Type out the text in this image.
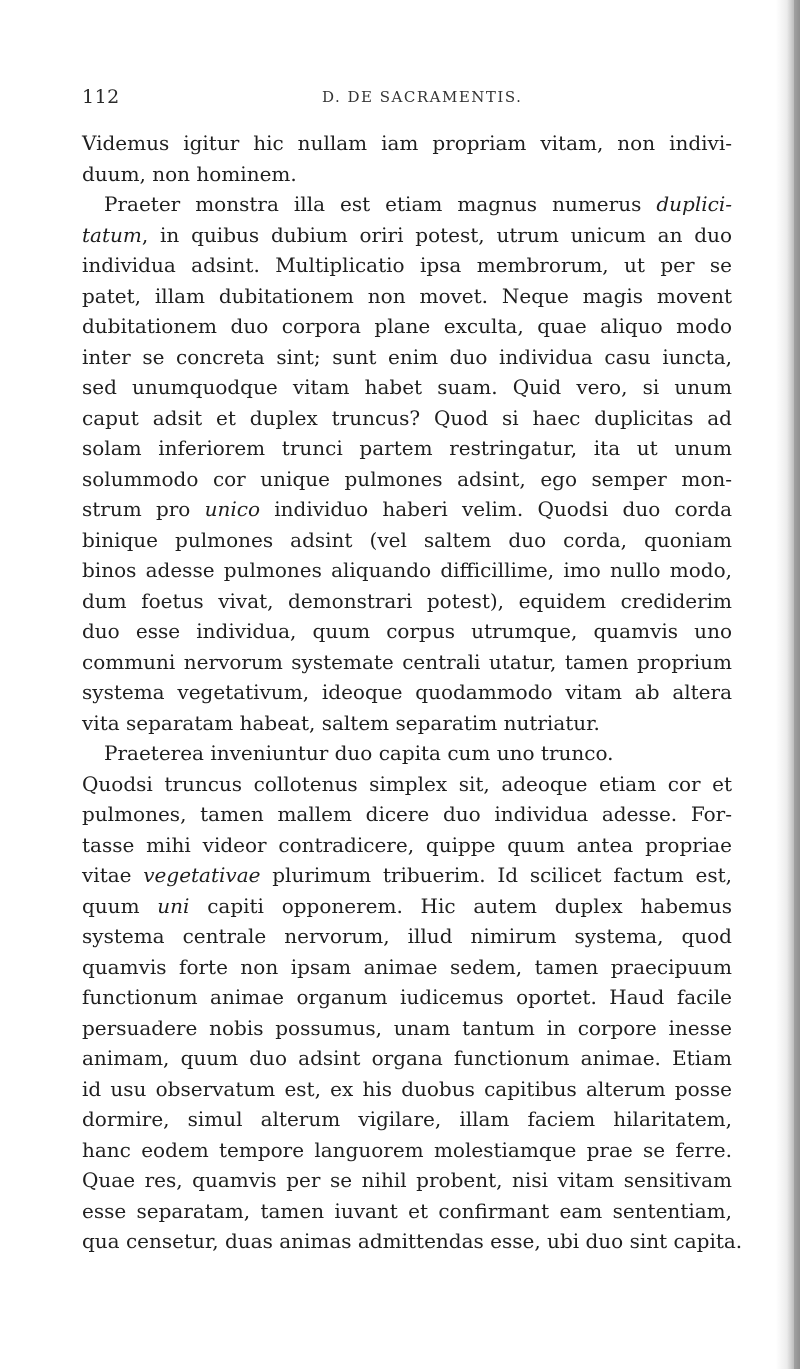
112	D. DE SACRAMENTIS.
Videmus igitur hic nullam iam propriam vitam, non indivi-
duum, non hominem.
Praeter monstra illa est etiam magnus numerus duplici-
tatum, in quibus dubium oriri potest, utrum unicum an duo
individua adsint. Multiplicatio ipsa membrorum, ut per se
patet, illam dubitationem non movet. Neque magis movent
dubitationem duo corpora plane exculta, quae aliquo modo
inter se concreta sint; sunt enim duo individua casu iuncta,
sed unumquodque vitam habet suam. Quid vero, si unum
caput adsit et duplex truncus? Quod si haec duplicitas ad
solam inferiorem trunci partem restringatur, ita ut unum
solummodo cor unique pulmones adsint, ego semper mon-
strum pro unico individuo haberi velim. Quodsi duo corda
binique pulmones adsint (vel saltem duo corda, quoniam
binos adesse pulmones aliquando difficillime, imo nullo modo,
dum foetus vivat, demonstrari potest), equidem crediderim
duo esse individua, quum corpus utrumque, quamvis uno
communi nervorum systemate centrali utatur, tamen proprium
systema vegetativum, ideoque quodammodo vitam ab altera
vita separatam habeat, saltem separatim nutriatur.
Praeterea inveniuntur duo capita cum uno trunco.
Quodsi truncus collotenus simplex sit, adeoque etiam cor et
pulmones, tamen mallem dicere duo individua adesse. For-
tasse mihi videor contradicere, quippe quum antea propriae
vitae vegetativae plurimum tribuerim. Id scilicet factum est,
quum uni capiti opponerem. Hic autem duplex habemus
systema centrale nervorum, illud nimirum systema, quod
quamvis forte non ipsam animae sedem, tamen praecipuum
functionum animae organum iudicemus oportet. Haud facile
persuadere nobis possumus, unam tantum in corpore inesse
animam, quum duo adsint organa functionum animae. Etiam
id usu observatum est, ex his duobus capitibus alterum posse
dormire, simul alterum vigilare, illam faciem hilaritatem,
hanc eodem tempore languorem molestiamque prae se ferre.
Quae res, quamvis per se nihil probent, nisi vitam sensitivam
esse separatam, tamen iuvant et confirmant eam sententiam,
qua censetur, duas animas admittendas esse, ubi duo sint capita.
